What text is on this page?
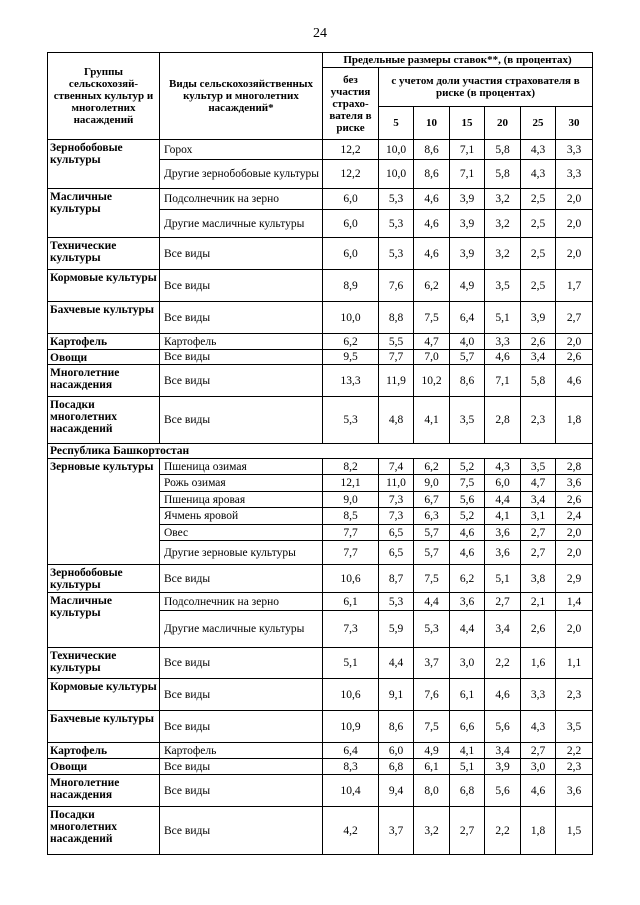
24
Группы сельскохозяй-ственных культур и многолетних насаждений	Виды сельскохозяйственных культур и многолетних насаждений*	Предельные размеры ставок**, (в процентах)						
		без участия страхо-вателя в риске	с учетом доли участия страхователя в риске (в процентах)					
			5	10	15	20	25	30
Зернобобовые культуры	Горох	12,2	10,0	8,6	7,1	5,8	4,3	3,3
	Другие зернобобовые культуры	12,2	10,0	8,6	7,1	5,8	4,3	3,3
Масличные культуры	Подсолнечник на зерно	6,0	5,3	4,6	3,9	3,2	2,5	2,0
	Другие масличные культуры	6,0	5,3	4,6	3,9	3,2	2,5	2,0
Технические культуры	Все виды	6,0	5,3	4,6	3,9	3,2	2,5	2,0
Кормовые культуры	Все виды	8,9	7,6	6,2	4,9	3,5	2,5	1,7
Бахчевые культуры	Все виды	10,0	8,8	7,5	6,4	5,1	3,9	2,7
Картофель	Картофель	6,2	5,5	4,7	4,0	3,3	2,6	2,0
Овощи	Все виды	9,5	7,7	7,0	5,7	4,6	3,4	2,6
Многолетние насаждения	Все виды	13,3	11,9	10,2	8,6	7,1	5,8	4,6
Посадки многолетних насаждений	Все виды	5,3	4,8	4,1	3,5	2,8	2,3	1,8
Республика Башкортостан								
Зерновые культуры	Пшеница озимая	8,2	7,4	6,2	5,2	4,3	3,5	2,8
	Рожь озимая	12,1	11,0	9,0	7,5	6,0	4,7	3,6
	Пшеница яровая	9,0	7,3	6,7	5,6	4,4	3,4	2,6
	Ячмень яровой	8,5	7,3	6,3	5,2	4,1	3,1	2,4
	Овес	7,7	6,5	5,7	4,6	3,6	2,7	2,0
	Другие зерновые культуры	7,7	6,5	5,7	4,6	3,6	2,7	2,0
Зернобобовые культуры	Все виды	10,6	8,7	7,5	6,2	5,1	3,8	2,9
Масличные культуры	Подсолнечник на зерно	6,1	5,3	4,4	3,6	2,7	2,1	1,4
	Другие масличные культуры	7,3	5,9	5,3	4,4	3,4	2,6	2,0
Технические культуры	Все виды	5,1	4,4	3,7	3,0	2,2	1,6	1,1
Кормовые культуры	Все виды	10,6	9,1	7,6	6,1	4,6	3,3	2,3
Бахчевые культуры	Все виды	10,9	8,6	7,5	6,6	5,6	4,3	3,5
Картофель	Картофель	6,4	6,0	4,9	4,1	3,4	2,7	2,2
Овощи	Все виды	8,3	6,8	6,1	5,1	3,9	3,0	2,3
Многолетние насаждения	Все виды	10,4	9,4	8,0	6,8	5,6	4,6	3,6
Посадки многолетних насаждений	Все виды	4,2	3,7	3,2	2,7	2,2	1,8	1,5
